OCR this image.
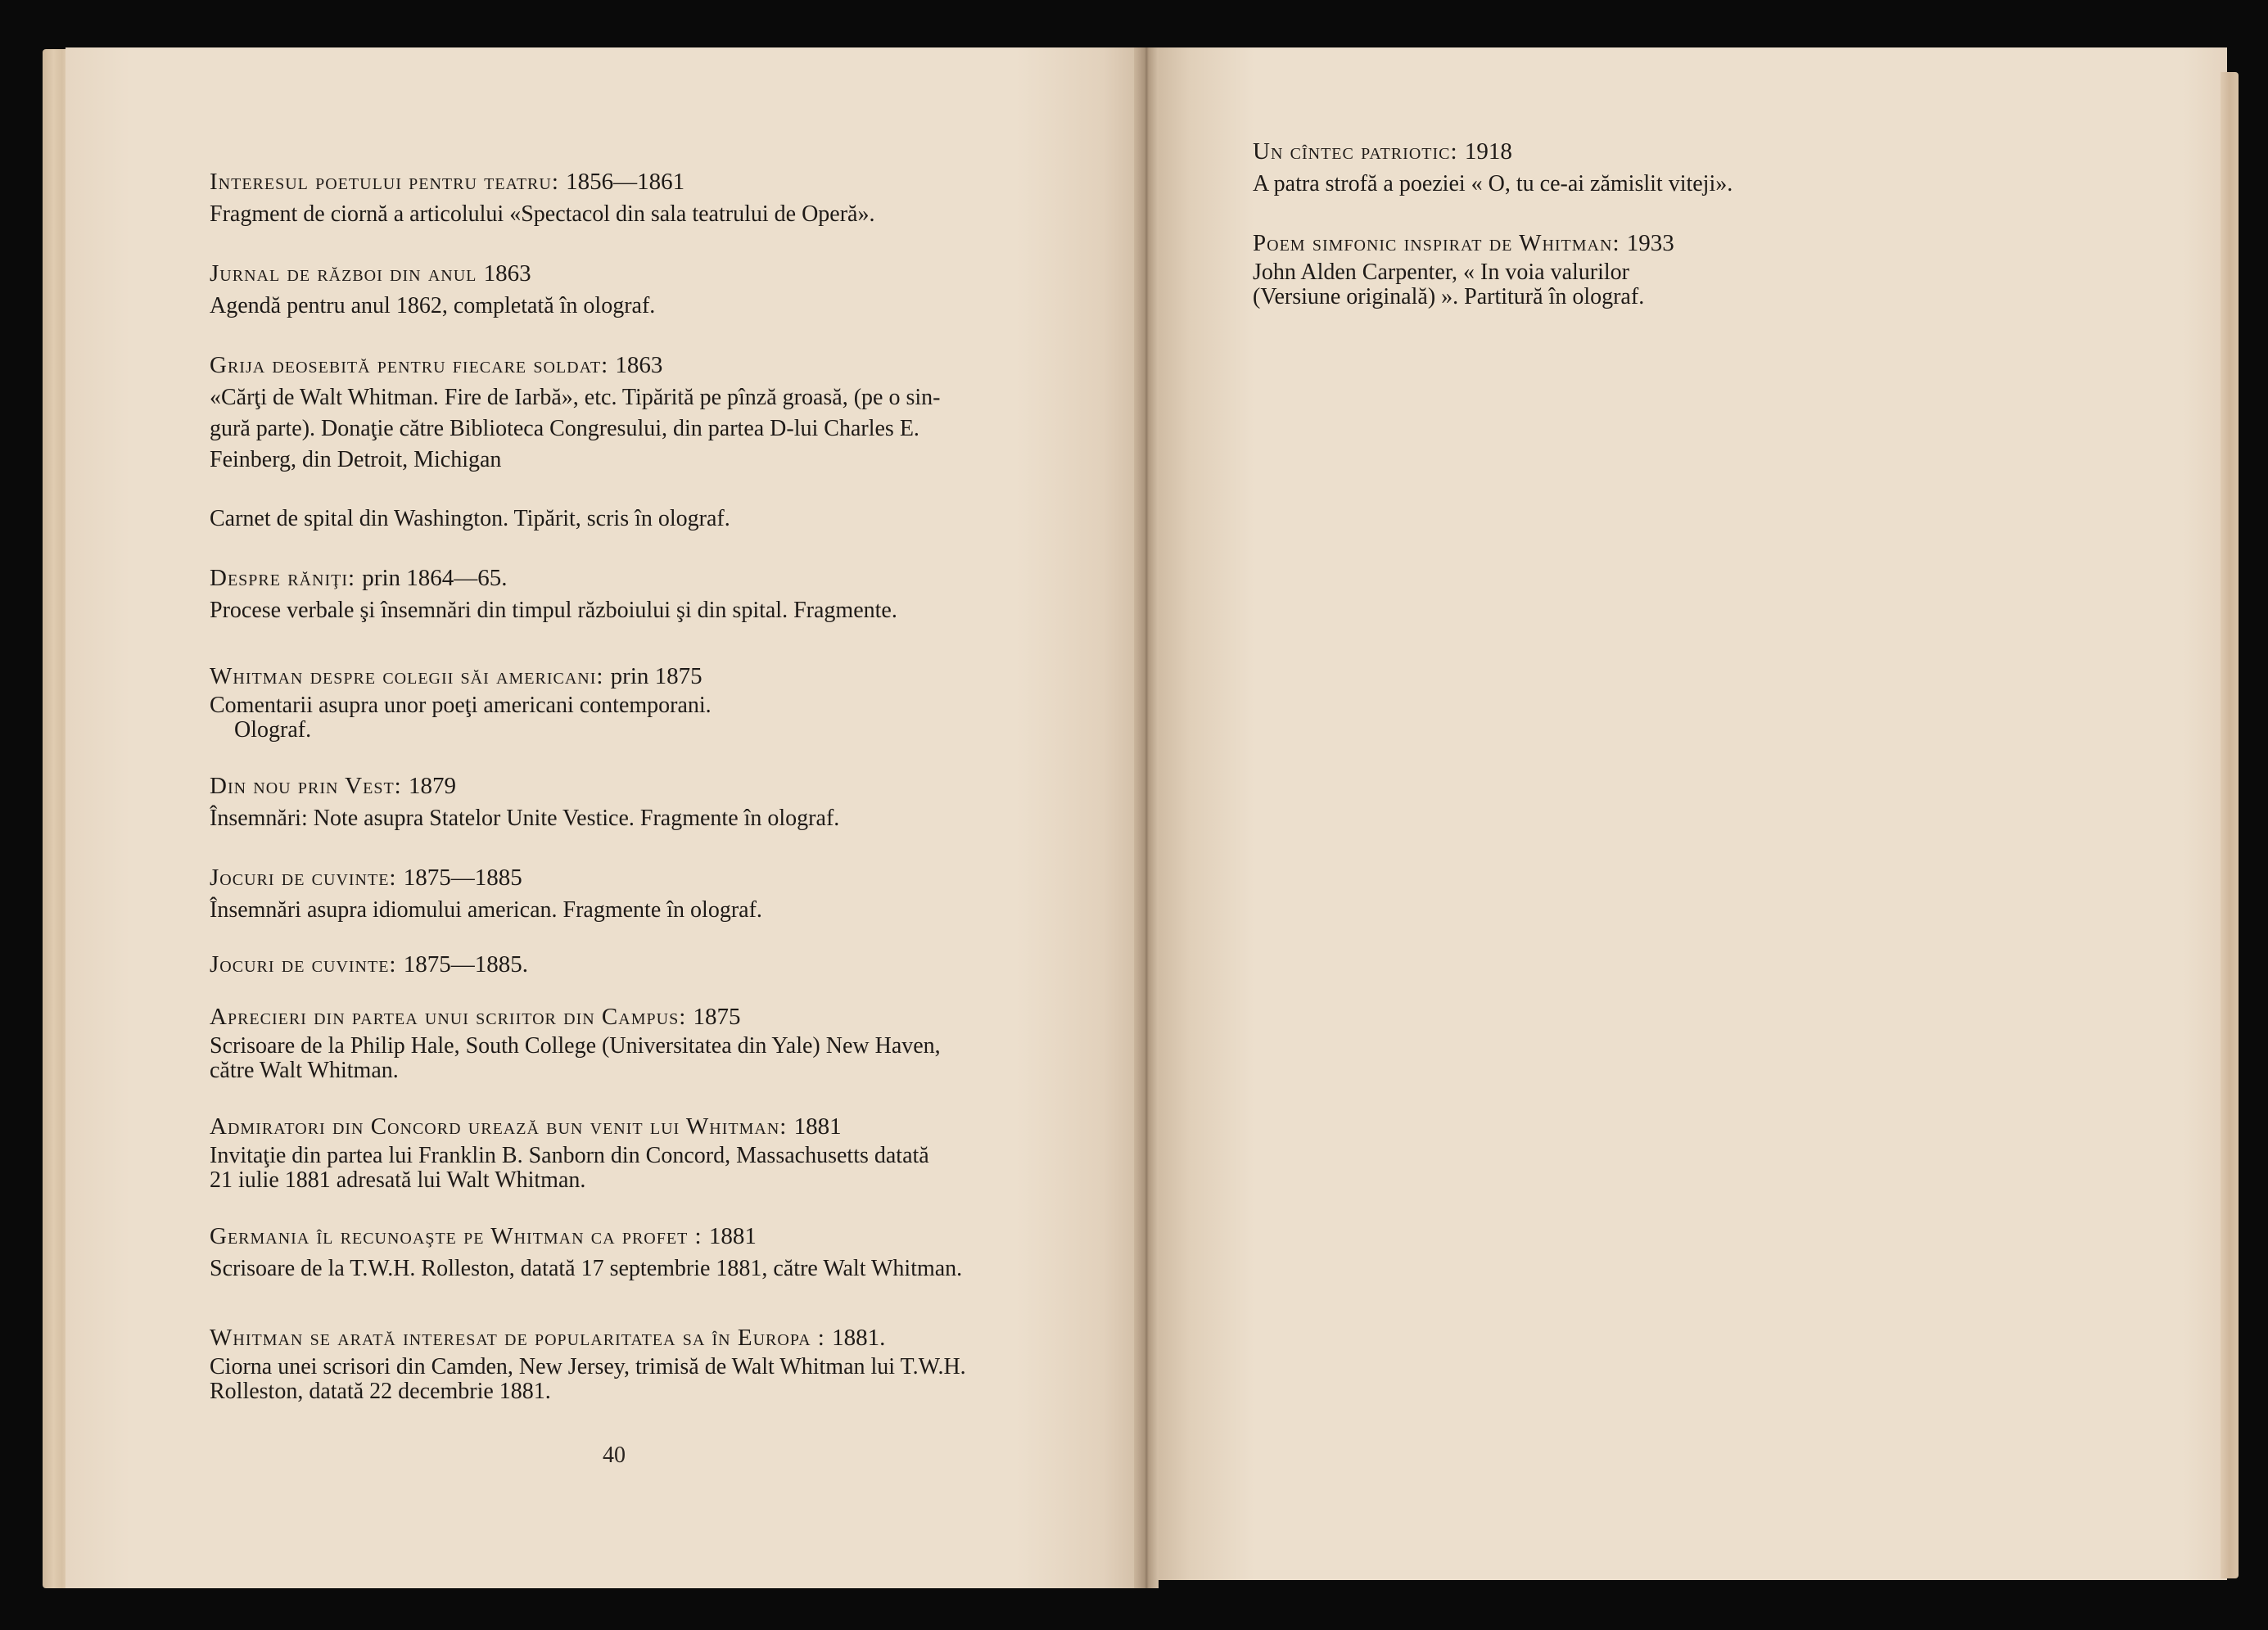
Interesul poetului pentru teatru: 1856—1861

Fragment de ciornă a articolului «Spectacol din sala teatrului de Operă».

Jurnal de război din anul 1863

Agendă pentru anul 1862, completată în olograf.

Grija deosebită pentru fiecare soldat: 1863

«Cărţi de Walt Whitman. Fire de Iarbă», etc. Tipărită pe pînză groasă, (pe o sin-
gură parte). Donaţie către Biblioteca Congresului, din partea D-lui Charles E.
Feinberg, din Detroit, Michigan

Carnet de spital din Washington. Tipărit, scris în olograf.

Despre răniţi: prin 1864—65.

Procese verbale şi însemnări din timpul războiului şi din spital. Fragmente.

Whitman despre colegii săi americani: prin 1875

Comentarii asupra unor poeţi americani contemporani.
Olograf.

Din nou prin Vest: 1879

Însemnări: Note asupra Statelor Unite Vestice. Fragmente în olograf.

Jocuri de cuvinte: 1875—1885

Însemnări asupra idiomului american. Fragmente în olograf.

Jocuri de cuvinte: 1875—1885.

Aprecieri din partea unui scriitor din Campus: 1875

Scrisoare de la Philip Hale, South College (Universitatea din Yale) New Haven,
către Walt Whitman.

Admiratori din Concord urează bun venit lui Whitman: 1881

Invitaţie din partea lui Franklin B. Sanborn din Concord, Massachusetts datată
21 iulie 1881 adresată lui Walt Whitman.

Germania îl recunoaşte pe Whitman ca profet : 1881

Scrisoare de la T.W.H. Rolleston, datată 17 septembrie 1881, către Walt Whitman.

Whitman se arată interesat de popularitatea sa în Europa : 1881.

Ciorna unei scrisori din Camden, New Jersey, trimisă de Walt Whitman lui T.W.H.
Rolleston, datată 22 decembrie 1881.

40

Un cîntec patriotic: 1918

A patra strofă a poeziei « O, tu ce-ai zămislit viteji».

Poem simfonic inspirat de Whitman: 1933

John Alden Carpenter, « In voia valurilor
(Versiune originală) ». Partitură în olograf.
